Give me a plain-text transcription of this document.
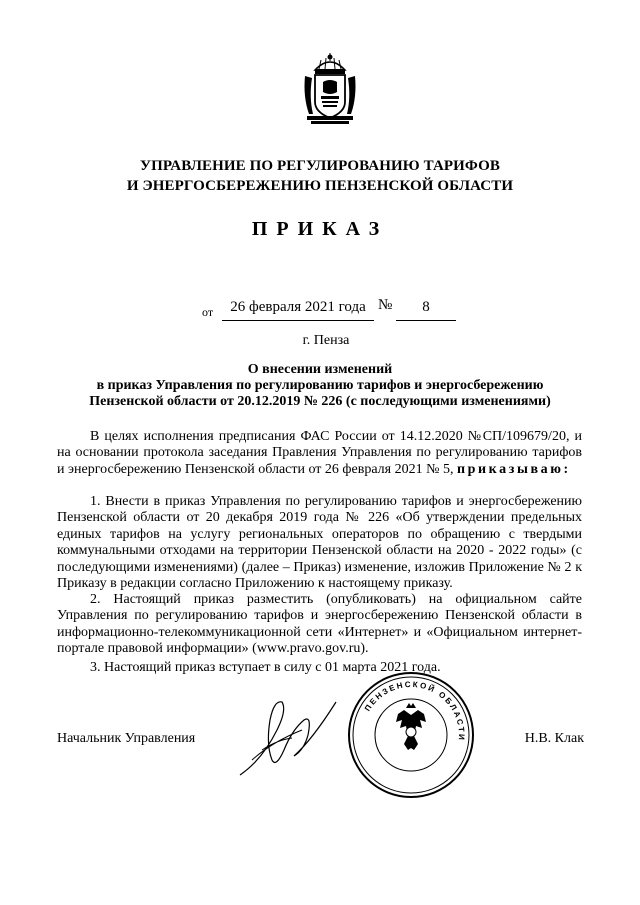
УПРАВЛЕНИЕ ПО РЕГУЛИРОВАНИЮ ТАРИФОВ
И ЭНЕРГОСБЕРЕЖЕНИЮ ПЕНЗЕНСКОЙ ОБЛАСТИ
ПРИКАЗ
от	26 февраля 2021 года №	8
г. Пенза
О внесении изменений
в приказ Управления по регулированию тарифов и энергосбережению
Пензенской области от 20.12.2019 № 226 (с последующими изменениями)
В целях исполнения предписания ФАС России от 14.12.2020 №СП/109679/20, и на основании протокола заседания Правления Управления по регулированию тарифов и энергосбережению Пензенской области от 26 февраля 2021 № 5, приказываю:
1. Внести в приказ Управления по регулированию тарифов и энергосбережению Пензенской области от 20 декабря 2019 года № 226 «Об утверждении предельных единых тарифов на услугу региональных операторов по обращению с твердыми коммунальными отходами на территории Пензенской области на 2020 - 2022 годы» (с последующими изменениями) (далее – Приказ) изменение, изложив Приложение № 2 к Приказу в редакции согласно Приложению к настоящему приказу.
2. Настоящий приказ разместить (опубликовать) на официальном сайте Управления по регулированию тарифов и энергосбережению Пензенской области в информационно-телекоммуникационной сети «Интернет» и «Официальном интернет-портале правовой информации» (www.pravo.gov.ru).
3. Настоящий приказ вступает в силу с 01 марта 2021 года.
Начальник Управления	Н.В. Клак
ПЕНЗЕНСКОЙ ОБЛАСТИ
